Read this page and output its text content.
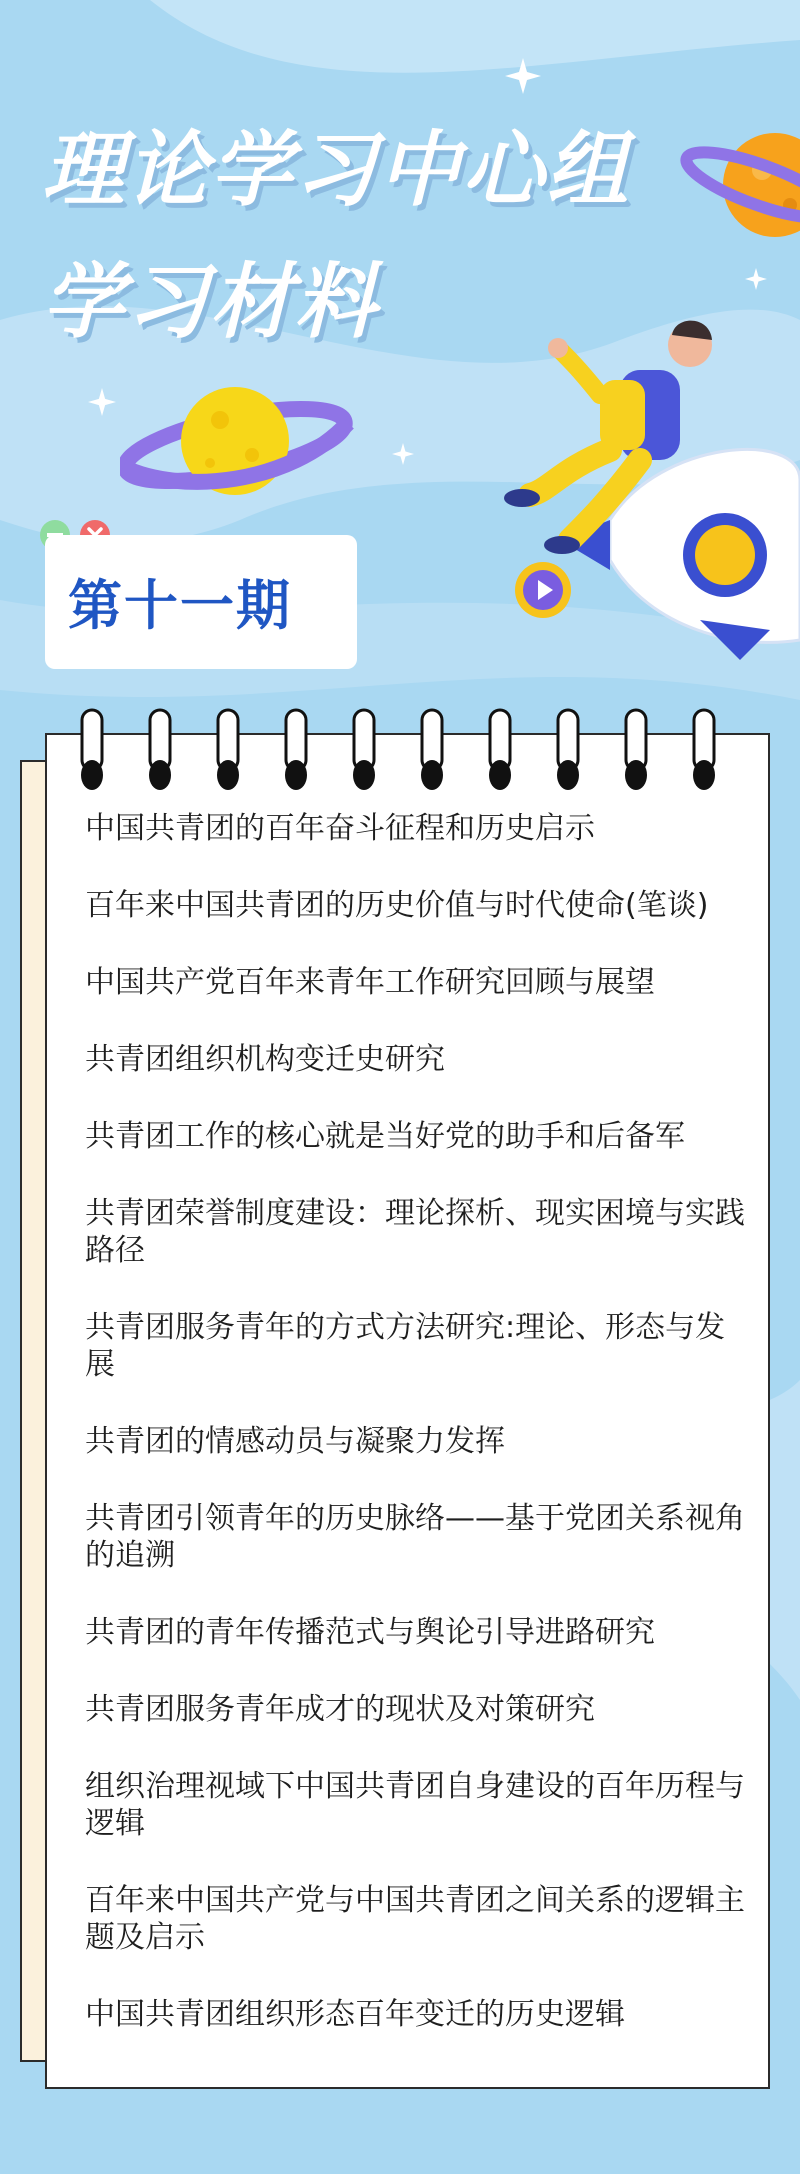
理论学习中心组
学习材料
第十一期
中国共青团的百年奋斗征程和历史启示
百年来中国共青团的历史价值与时代使命(笔谈)
中国共产党百年来青年工作研究回顾与展望
共青团组织机构变迁史研究
共青团工作的核心就是当好党的助手和后备军
共青团荣誉制度建设：理论探析、现实困境与实践路径
共青团服务青年的方式方法研究:理论、形态与发展
共青团的情感动员与凝聚力发挥
共青团引领青年的历史脉络——基于党团关系视角的追溯
共青团的青年传播范式与舆论引导进路研究
共青团服务青年成才的现状及对策研究
组织治理视域下中国共青团自身建设的百年历程与逻辑
百年来中国共产党与中国共青团之间关系的逻辑主题及启示
中国共青团组织形态百年变迁的历史逻辑
